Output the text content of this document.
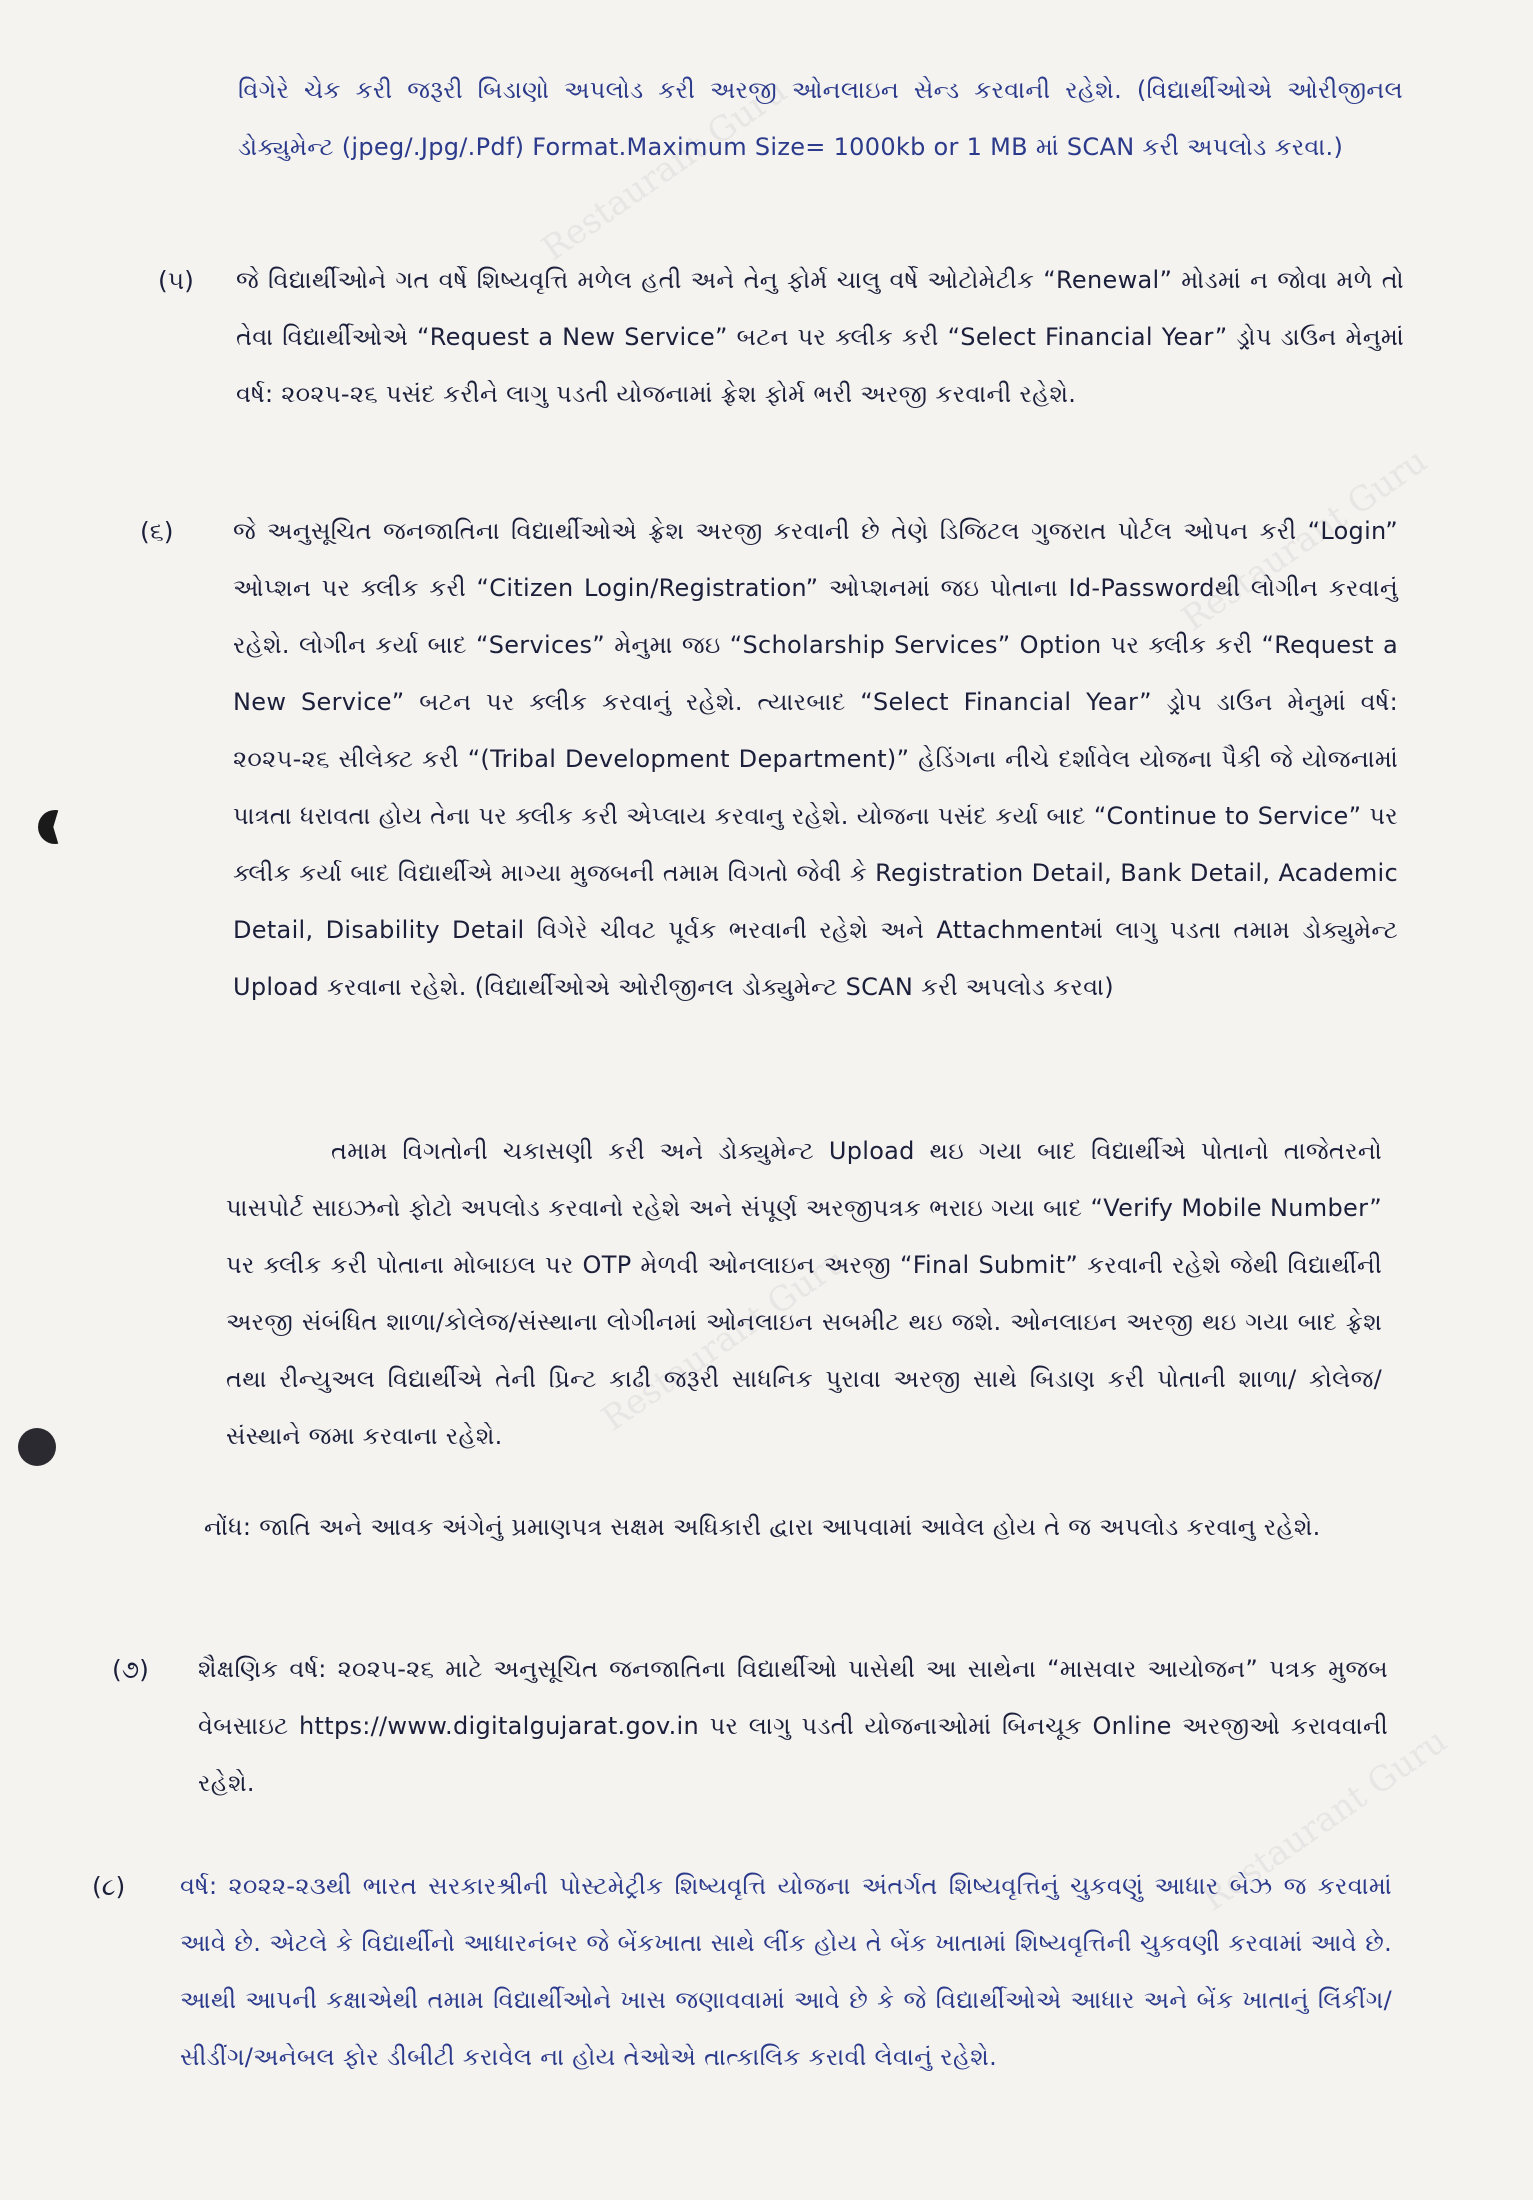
Restaurant Guru
Restaurant Guru
Restaurant Guru
Restaurant Guru
વિગેરે ચેક કરી જરૂરી બિડાણો અપલોડ કરી અરજી ઓનલાઇન સેન્ડ કરવાની રહેશે. (વિદ્યાર્થીઓએ ઓરીજીનલ ડોક્યુમેન્ટ (jpeg/.Jpg/.Pdf) Format.Maximum Size= 1000kb or 1 MB માં SCAN કરી અપલોડ કરવા.)
(૫) જે વિદ્યાર્થીઓને ગત વર્ષે શિષ્યવૃત્તિ મળેલ હતી અને તેનુ ફોર્મ ચાલુ વર્ષે ઓટોમેટીક “Renewal” મોડમાં ન જોવા મળે તો તેવા વિદ્યાર્થીઓએ “Request a New Service” બટન પર ક્લીક કરી “Select Financial Year” ડ્રોપ ડાઉન મેનુમાં વર્ષ: ૨૦૨૫-૨૬ પસંદ કરીને લાગુ પડતી યોજનામાં ફ્રેશ ફોર્મ ભરી અરજી કરવાની રહેશે.
(૬) જે અનુસૂચિત જનજાતિના વિદ્યાર્થીઓએ ફ્રેશ અરજી કરવાની છે તેણે ડિજિટલ ગુજરાત પોર્ટલ ઓપન કરી “Login” ઓપ્શન પર ક્લીક કરી “Citizen Login/Registration” ઓપ્શનમાં જઇ પોતાના Id-Passwordથી લોગીન કરવાનું રહેશે. લોગીન કર્યા બાદ “Services” મેનુમા જઇ “Scholarship Services” Option પર ક્લીક કરી “Request a New Service” બટન પર ક્લીક કરવાનું રહેશે. ત્યારબાદ “Select Financial Year” ડ્રોપ ડાઉન મેનુમાં વર્ષ: ૨૦૨૫-૨૬ સીલેક્ટ કરી “(Tribal Development Department)” હેડિંગના નીચે દર્શાવેલ યોજના પૈકી જે યોજનામાં પાત્રતા ધરાવતા હોય તેના પર ક્લીક કરી એપ્લાય કરવાનુ રહેશે. યોજના પસંદ કર્યા બાદ “Continue to Service” પર ક્લીક કર્યા બાદ વિદ્યાર્થીએ માગ્યા મુજબની તમામ વિગતો જેવી કે Registration Detail, Bank Detail, Academic Detail, Disability Detail વિગેરે ચીવટ પૂર્વક ભરવાની રહેશે અને Attachmentમાં લાગુ પડતા તમામ ડોક્યુમેન્ટ Upload કરવાના રહેશે. (વિદ્યાર્થીઓએ ઓરીજીનલ ડોક્યુમેન્ટ SCAN કરી અપલોડ કરવા)
તમામ વિગતોની ચકાસણી કરી અને ડોક્યુમેન્ટ Upload થઇ ગયા બાદ વિદ્યાર્થીએ પોતાનો તાજેતરનો પાસપોર્ટ સાઇઝનો ફોટો અપલોડ કરવાનો રહેશે અને સંપૂર્ણ અરજીપત્રક ભરાઇ ગયા બાદ “Verify Mobile Number” પર ક્લીક કરી પોતાના મોબાઇલ પર OTP મેળવી ઓનલાઇન અરજી “Final Submit” કરવાની રહેશે જેથી વિદ્યાર્થીની અરજી સંબંધિત શાળા/કોલેજ/સંસ્થાના લોગીનમાં ઓનલાઇન સબમીટ થઇ જશે. ઓનલાઇન અરજી થઇ ગયા બાદ ફ્રેશ તથા રીન્યુઅલ વિદ્યાર્થીએ તેની પ્રિન્ટ કાઢી જરૂરી સાધનિક પુરાવા અરજી સાથે બિડાણ કરી પોતાની શાળા/ કોલેજ/ સંસ્થાને જમા કરવાના રહેશે.
નોંધ: જાતિ અને આવક અંગેનું પ્રમાણપત્ર સક્ષમ અધિકારી દ્વારા આપવામાં આવેલ હોય તે જ અપલોડ કરવાનુ રહેશે.
(૭) શૈક્ષણિક વર્ષ: ૨૦૨૫-૨૬ માટે અનુસૂચિત જનજાતિના વિદ્યાર્થીઓ પાસેથી આ સાથેના “માસવાર આયોજન” પત્રક મુજબ વેબસાઇટ https://www.digitalgujarat.gov.in પર લાગુ પડતી યોજનાઓમાં બિનચૂક Online અરજીઓ કરાવવાની રહેશે.
(૮) વર્ષ: ૨૦૨૨-૨૩થી ભારત સરકારશ્રીની પોસ્ટમેટ્રીક શિષ્યવૃત્તિ યોજના અંતર્ગત શિષ્યવૃત્તિનું ચુકવણું આધાર બેઝ જ કરવામાં આવે છે. એટલે કે વિદ્યાર્થીનો આધારનંબર જે બેંકખાતા સાથે લીંક હોય તે બેંક ખાતામાં શિષ્યવૃત્તિની ચુકવણી કરવામાં આવે છે. આથી આપની કક્ષાએથી તમામ વિદ્યાર્થીઓને ખાસ જણાવવામાં આવે છે કે જે વિદ્યાર્થીઓએ આધાર અને બેંક ખાતાનું લિંકીંગ/સીડીંગ/અનેબલ ફોર ડીબીટી કરાવેલ ના હોય તેઓએ તાત્કાલિક કરાવી લેવાનું રહેશે.
